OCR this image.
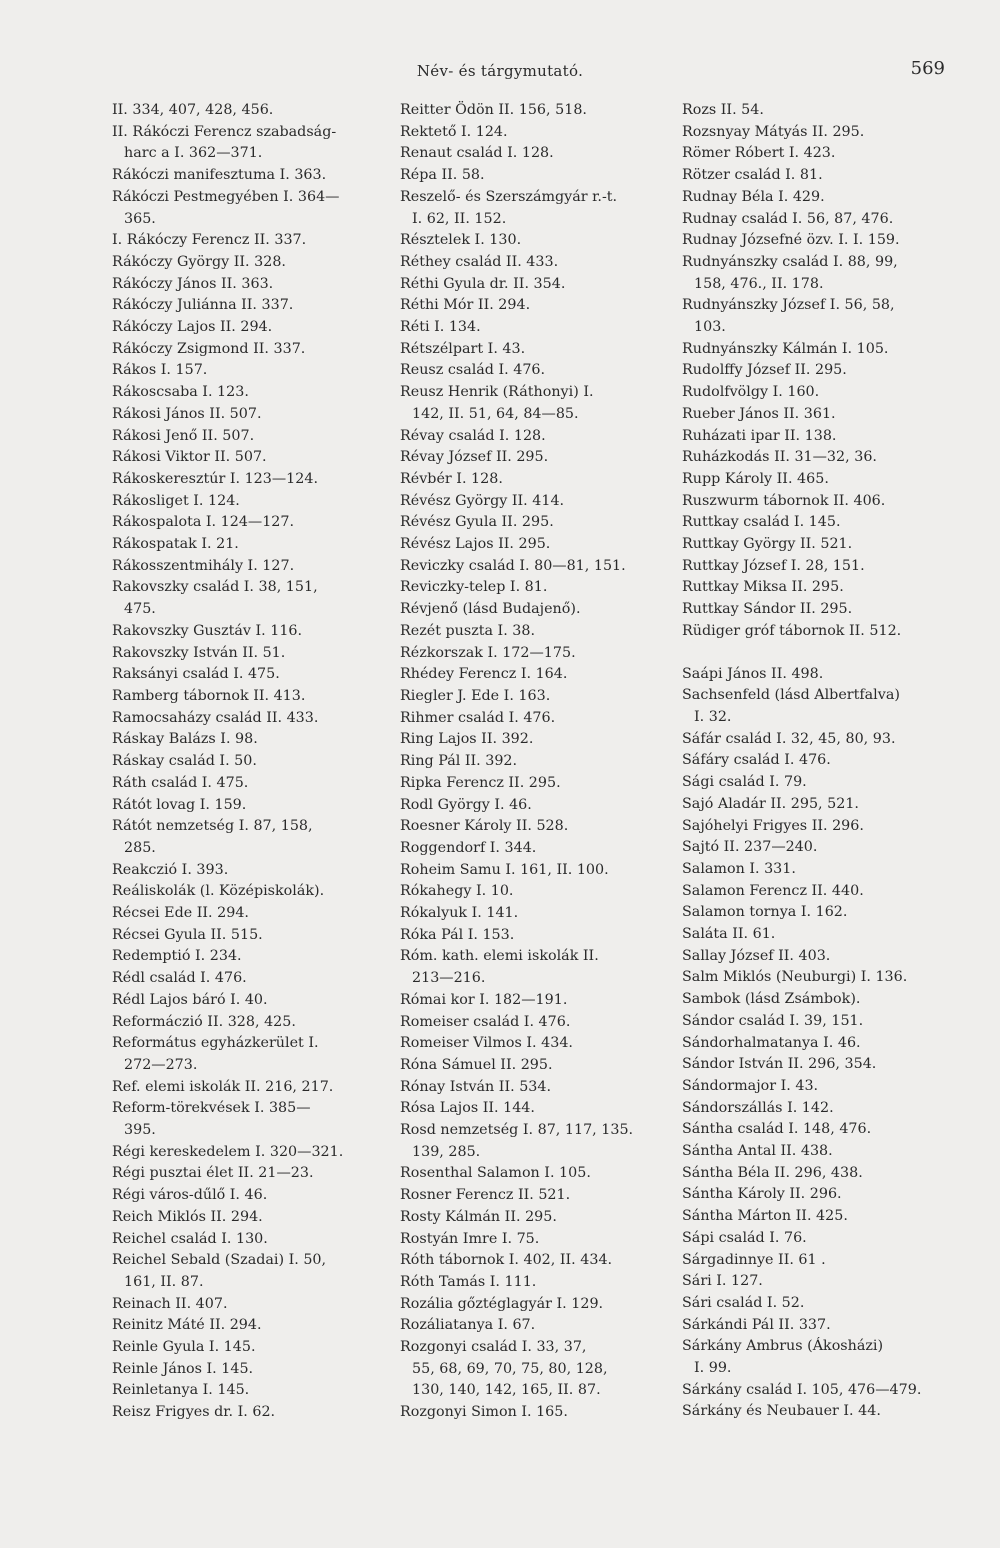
Név- és tárgymutató.	569
II. 334, 407, 428, 456.
II. Rákóczi Ferencz szabadság-
harc a I. 362—371.
Rákóczi manifesztuma I. 363.
Rákóczi Pestmegyében I. 364—
365.
I. Rákóczy Ferencz II. 337.
Rákóczy György II. 328.
Rákóczy János II. 363.
Rákóczy Juliánna II. 337.
Rákóczy Lajos II. 294.
Rákóczy Zsigmond II. 337.
Rákos I. 157.
Rákoscsaba I. 123.
Rákosi János II. 507.
Rákosi Jenő II. 507.
Rákosi Viktor II. 507.
Rákoskeresztúr I. 123—124.
Rákosliget I. 124.
Rákospalota I. 124—127.
Rákospatak I. 21.
Rákosszentmihály I. 127.
Rakovszky család I. 38, 151,
475.
Rakovszky Gusztáv I. 116.
Rakovszky István II. 51.
Raksányi család I. 475.
Ramberg tábornok II. 413.
Ramocsaházy család II. 433.
Ráskay Balázs I. 98.
Ráskay család I. 50.
Ráth család I. 475.
Rátót lovag I. 159.
Rátót nemzetség I. 87, 158,
285.
Reakczió I. 393.
Reáliskolák (l. Középiskolák).
Récsei Ede II. 294.
Récsei Gyula II. 515.
Redemptió I. 234.
Rédl család I. 476.
Rédl Lajos báró I. 40.
Reformáczió II. 328, 425.
Református egyházkerület I.
272—273.
Ref. elemi iskolák II. 216, 217.
Reform-törekvések I. 385—
395.
Régi kereskedelem I. 320—321.
Régi pusztai élet II. 21—23.
Régi város-dűlő I. 46.
Reich Miklós II. 294.
Reichel család I. 130.
Reichel Sebald (Szadai) I. 50,
161, II. 87.
Reinach II. 407.
Reinitz Máté II. 294.
Reinle Gyula I. 145.
Reinle János I. 145.
Reinletanya I. 145.
Reisz Frigyes dr. I. 62.
Reitter Ödön II. 156, 518.
Rektető I. 124.
Renaut család I. 128.
Répa II. 58.
Reszelő- és Szerszámgyár r.-t.
I. 62, II. 152.
Résztelek I. 130.
Réthey család II. 433.
Réthi Gyula dr. II. 354.
Réthi Mór II. 294.
Réti I. 134.
Rétszélpart I. 43.
Reusz család I. 476.
Reusz Henrik (Ráthonyi) I.
142, II. 51, 64, 84—85.
Révay család I. 128.
Révay József II. 295.
Révbér I. 128.
Révész György II. 414.
Révész Gyula II. 295.
Révész Lajos II. 295.
Reviczky család I. 80—81, 151.
Reviczky-telep I. 81.
Révjenő (lásd Budajenő).
Rezét puszta I. 38.
Rézkorszak I. 172—175.
Rhédey Ferencz I. 164.
Riegler J. Ede I. 163.
Rihmer család I. 476.
Ring Lajos II. 392.
Ring Pál II. 392.
Ripka Ferencz II. 295.
Rodl György I. 46.
Roesner Károly II. 528.
Roggendorf I. 344.
Roheim Samu I. 161, II. 100.
Rókahegy I. 10.
Rókalyuk I. 141.
Róka Pál I. 153.
Róm. kath. elemi iskolák II.
213—216.
Római kor I. 182—191.
Romeiser család I. 476.
Romeiser Vilmos I. 434.
Róna Sámuel II. 295.
Rónay István II. 534.
Rósa Lajos II. 144.
Rosd nemzetség I. 87, 117, 135.
139, 285.
Rosenthal Salamon I. 105.
Rosner Ferencz II. 521.
Rosty Kálmán II. 295.
Rostyán Imre I. 75.
Róth tábornok I. 402, II. 434.
Róth Tamás I. 111.
Rozália gőztéglagyár I. 129.
Rozáliatanya I. 67.
Rozgonyi család I. 33, 37,
55, 68, 69, 70, 75, 80, 128,
130, 140, 142, 165, II. 87.
Rozgonyi Simon I. 165.
Rozs II. 54.
Rozsnyay Mátyás II. 295.
Römer Róbert I. 423.
Rötzer család I. 81.
Rudnay Béla I. 429.
Rudnay család I. 56, 87, 476.
Rudnay Józsefné özv. I. I. 159.
Rudnyánszky család I. 88, 99,
158, 476., II. 178.
Rudnyánszky József I. 56, 58,
103.
Rudnyánszky Kálmán I. 105.
Rudolffy József II. 295.
Rudolfvölgy I. 160.
Rueber János II. 361.
Ruházati ipar II. 138.
Ruházkodás II. 31—32, 36.
Rupp Károly II. 465.
Ruszwurm tábornok II. 406.
Ruttkay család I. 145.
Ruttkay György II. 521.
Ruttkay József I. 28, 151.
Ruttkay Miksa II. 295.
Ruttkay Sándor II. 295.
Rüdiger gróf tábornok II. 512.
Saápi János II. 498.
Sachsenfeld (lásd Albertfalva)
I. 32.
Sáfár család I. 32, 45, 80, 93.
Sáfáry család I. 476.
Sági család I. 79.
Sajó Aladár II. 295, 521.
Sajóhelyi Frigyes II. 296.
Sajtó II. 237—240.
Salamon I. 331.
Salamon Ferencz II. 440.
Salamon tornya I. 162.
Saláta II. 61.
Sallay József II. 403.
Salm Miklós (Neuburgi) I. 136.
Sambok (lásd Zsámbok).
Sándor család I. 39, 151.
Sándorhalmatanya I. 46.
Sándor István II. 296, 354.
Sándormajor I. 43.
Sándorszállás I. 142.
Sántha család I. 148, 476.
Sántha Antal II. 438.
Sántha Béla II. 296, 438.
Sántha Károly II. 296.
Sántha Márton II. 425.
Sápi család I. 76.
Sárgadinnye II. 61 .
Sári I. 127.
Sári család I. 52.
Sárkándi Pál II. 337.
Sárkány Ambrus (Ákosházi)
I. 99.
Sárkány család I. 105, 476—479.
Sárkány és Neubauer I. 44.
